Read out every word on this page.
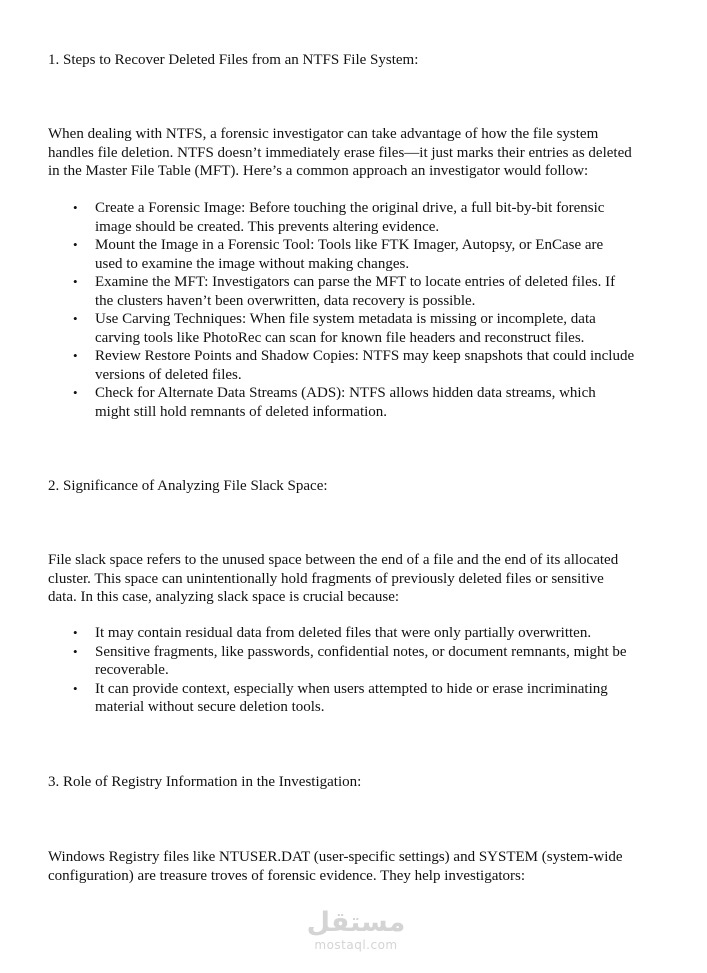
1. Steps to Recover Deleted Files from an NTFS File System:

When dealing with NTFS, a forensic investigator can take advantage of how the file system
handles file deletion. NTFS doesn’t immediately erase files—it just marks their entries as deleted
in the Master File Table (MFT). Here’s a common approach an investigator would follow:

• Create a Forensic Image: Before touching the original drive, a full bit-by-bit forensic
image should be created. This prevents altering evidence.
• Mount the Image in a Forensic Tool: Tools like FTK Imager, Autopsy, or EnCase are
used to examine the image without making changes.
• Examine the MFT: Investigators can parse the MFT to locate entries of deleted files. If
the clusters haven’t been overwritten, data recovery is possible.
• Use Carving Techniques: When file system metadata is missing or incomplete, data
carving tools like PhotoRec can scan for known file headers and reconstruct files.
• Review Restore Points and Shadow Copies: NTFS may keep snapshots that could include
versions of deleted files.
• Check for Alternate Data Streams (ADS): NTFS allows hidden data streams, which
might still hold remnants of deleted information.
2. Significance of Analyzing File Slack Space:

File slack space refers to the unused space between the end of a file and the end of its allocated
cluster. This space can unintentionally hold fragments of previously deleted files or sensitive
data. In this case, analyzing slack space is crucial because:

• It may contain residual data from deleted files that were only partially overwritten.
• Sensitive fragments, like passwords, confidential notes, or document remnants, might be
recoverable.
• It can provide context, especially when users attempted to hide or erase incriminating
material without secure deletion tools.
3. Role of Registry Information in the Investigation:

Windows Registry files like NTUSER.DAT (user-specific settings) and SYSTEM (system-wide
configuration) are treasure troves of forensic evidence. They help investigators:

مستقل
mostaql.com
